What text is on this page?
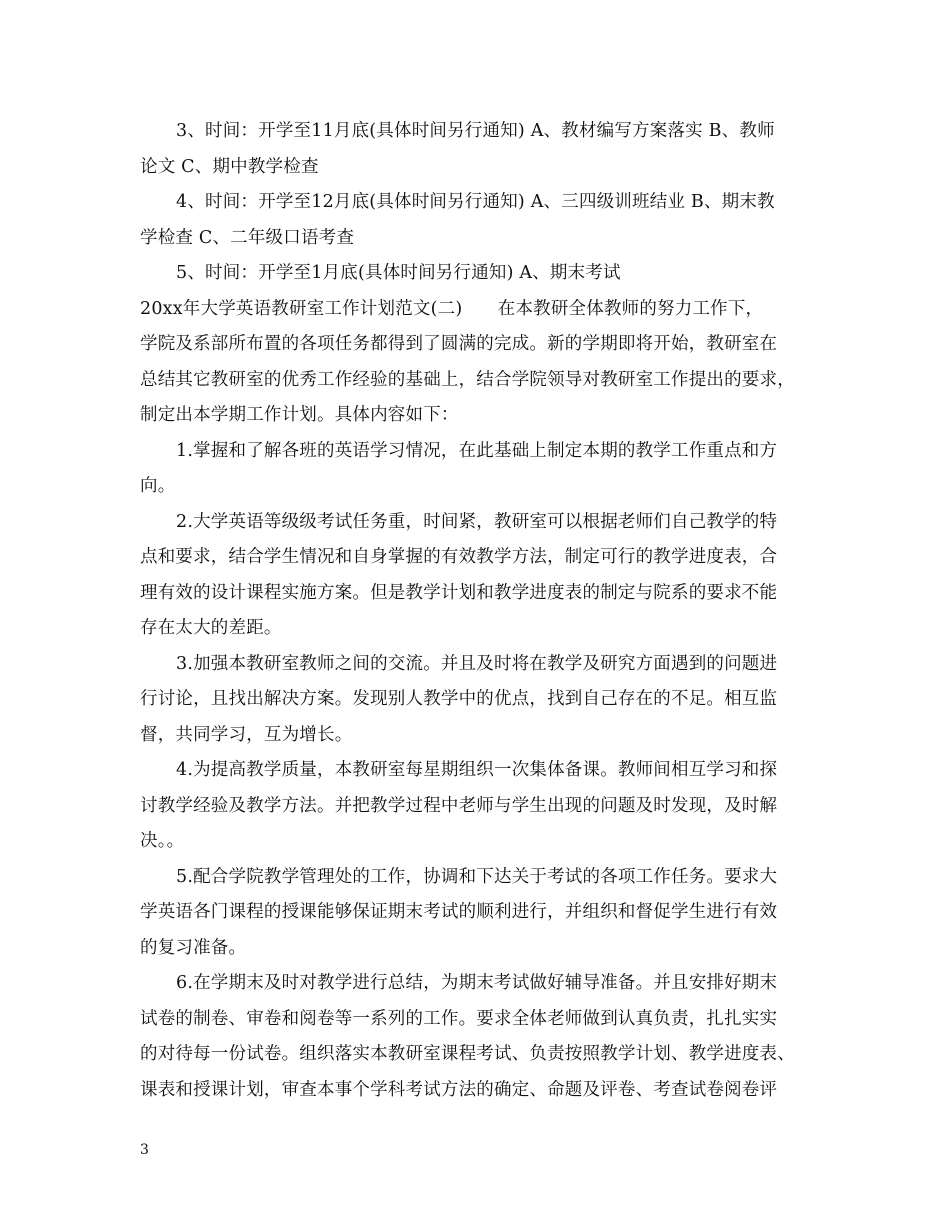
3、时间：开学至11月底(具体时间另行通知) A、教材编写方案落实 B、教师
论文 C、期中教学检查
4、时间：开学至12月底(具体时间另行通知) A、三四级训班结业 B、期末教
学检查 C、二年级口语考查
5、时间：开学至1月底(具体时间另行通知) A、期末考试
20xx年大学英语教研室工作计划范文(二)　　在本教研全体教师的努力工作下，
学院及系部所布置的各项任务都得到了圆满的完成。新的学期即将开始，教研室在
总结其它教研室的优秀工作经验的基础上，结合学院领导对教研室工作提出的要求，
制定出本学期工作计划。具体内容如下：
1.掌握和了解各班的英语学习情况，在此基础上制定本期的教学工作重点和方
向。
2.大学英语等级级考试任务重，时间紧，教研室可以根据老师们自己教学的特
点和要求，结合学生情况和自身掌握的有效教学方法，制定可行的教学进度表，合
理有效的设计课程实施方案。但是教学计划和教学进度表的制定与院系的要求不能
存在太大的差距。
3.加强本教研室教师之间的交流。并且及时将在教学及研究方面遇到的问题进
行讨论，且找出解决方案。发现别人教学中的优点，找到自己存在的不足。相互监
督，共同学习，互为增长。
4.为提高教学质量，本教研室每星期组织一次集体备课。教师间相互学习和探
讨教学经验及教学方法。并把教学过程中老师与学生出现的问题及时发现，及时解
决。。
5.配合学院教学管理处的工作，协调和下达关于考试的各项工作任务。要求大
学英语各门课程的授课能够保证期末考试的顺利进行，并组织和督促学生进行有效
的复习准备。
6.在学期末及时对教学进行总结，为期末考试做好辅导准备。并且安排好期末
试卷的制卷、审卷和阅卷等一系列的工作。要求全体老师做到认真负责，扎扎实实
的对待每一份试卷。组织落实本教研室课程考试、负责按照教学计划、教学进度表、
课表和授课计划，审查本事个学科考试方法的确定、命题及评卷、考查试卷阅卷评
3
